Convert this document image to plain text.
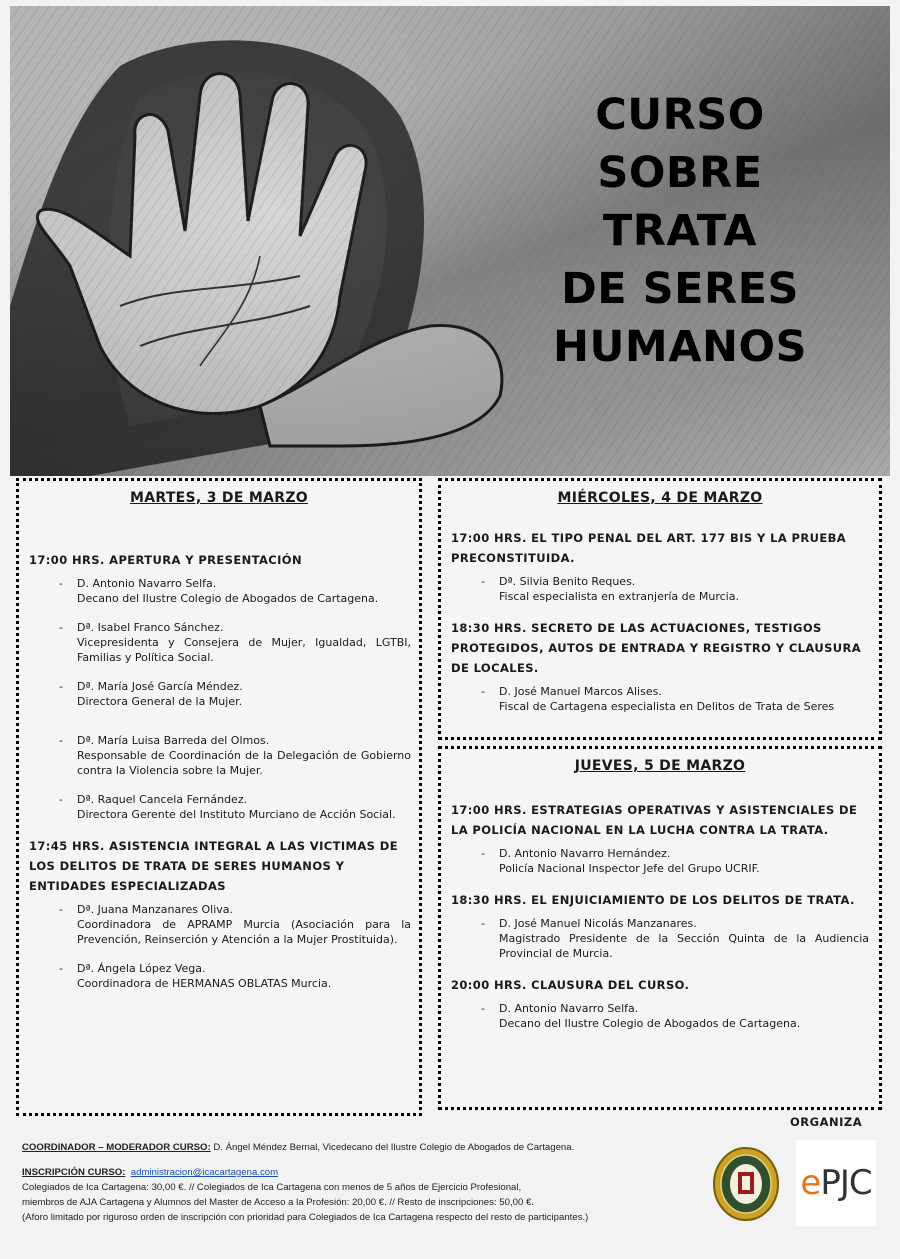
CURSO
SOBRE
TRATA
DE SERES
HUMANOS
MARTES, 3 DE MARZO
17:00 HRS. APERTURA Y PRESENTACIÓN
- D. Antonio Navarro Selfa.
Decano del Ilustre Colegio de Abogados de Cartagena.
- Dª. Isabel Franco Sánchez.
Vicepresidenta y Consejera de Mujer, Igualdad, LGTBI, Familias y Política Social.
- Dª. María José García Méndez.
Directora General de la Mujer.
- Dª. María Luisa Barreda del Olmos.
Responsable de Coordinación de la Delegación de Gobierno contra la Violencia sobre la Mujer.
- Dª. Raquel Cancela Fernández.
Directora Gerente del Instituto Murciano de Acción Social.
17:45 HRS. ASISTENCIA INTEGRAL A LAS VICTIMAS DE LOS DELITOS DE TRATA DE SERES HUMANOS Y ENTIDADES ESPECIALIZADAS
- Dª. Juana Manzanares Oliva.
Coordinadora de APRAMP Murcia (Asociación para la Prevención, Reinserción y Atención a la Mujer Prostituida).
- Dª. Ángela López Vega.
Coordinadora de HERMANAS OBLATAS Murcia.
MIÉRCOLES, 4 DE MARZO
17:00 HRS. EL TIPO PENAL DEL ART. 177 BIS Y LA PRUEBA PRECONSTITUIDA.
- Dª. Silvia Benito Reques.
Fiscal especialista en extranjería de Murcia.
18:30 HRS. SECRETO DE LAS ACTUACIONES, TESTIGOS PROTEGIDOS, AUTOS DE ENTRADA Y REGISTRO Y CLAUSURA DE LOCALES.
- D. José Manuel Marcos Alises.
Fiscal de Cartagena especialista en Delitos de Trata de Seres
JUEVES, 5 DE MARZO
17:00 HRS. ESTRATEGIAS OPERATIVAS Y ASISTENCIALES DE LA POLICÍA NACIONAL EN LA LUCHA CONTRA LA TRATA.
- D. Antonio Navarro Hernández.
Policía Nacional Inspector Jefe del Grupo UCRIF.
18:30 HRS. EL ENJUICIAMIENTO DE LOS DELITOS DE TRATA.
- D. José Manuel Nicolás Manzanares.
Magistrado Presidente de la Sección Quinta de la Audiencia Provincial de Murcia.
20:00 HRS. CLAUSURA DEL CURSO.
- D. Antonio Navarro Selfa.
Decano del Ilustre Colegio de Abogados de Cartagena.
ORGANIZA
COORDINADOR – MODERADOR CURSO: D. Ángel Méndez Bernal, Vicedecano del Ilustre Colegio de Abogados de Cartagena.
INSCRIPCIÓN CURSO: administracion@icacartagena.com
Colegiados de Ica Cartagena: 30,00 €. // Colegiados de Ica Cartagena con menos de 5 años de Ejercicio Profesional,
miembros de AJA Cartagena y Alumnos del Master de Acceso a la Profesión: 20,00 €. // Resto de inscripciones: 50,00 €.
(Aforo limitado por riguroso orden de inscripción con prioridad para Colegiados de Ica Cartagena respecto del resto de participantes.)
e PJC
